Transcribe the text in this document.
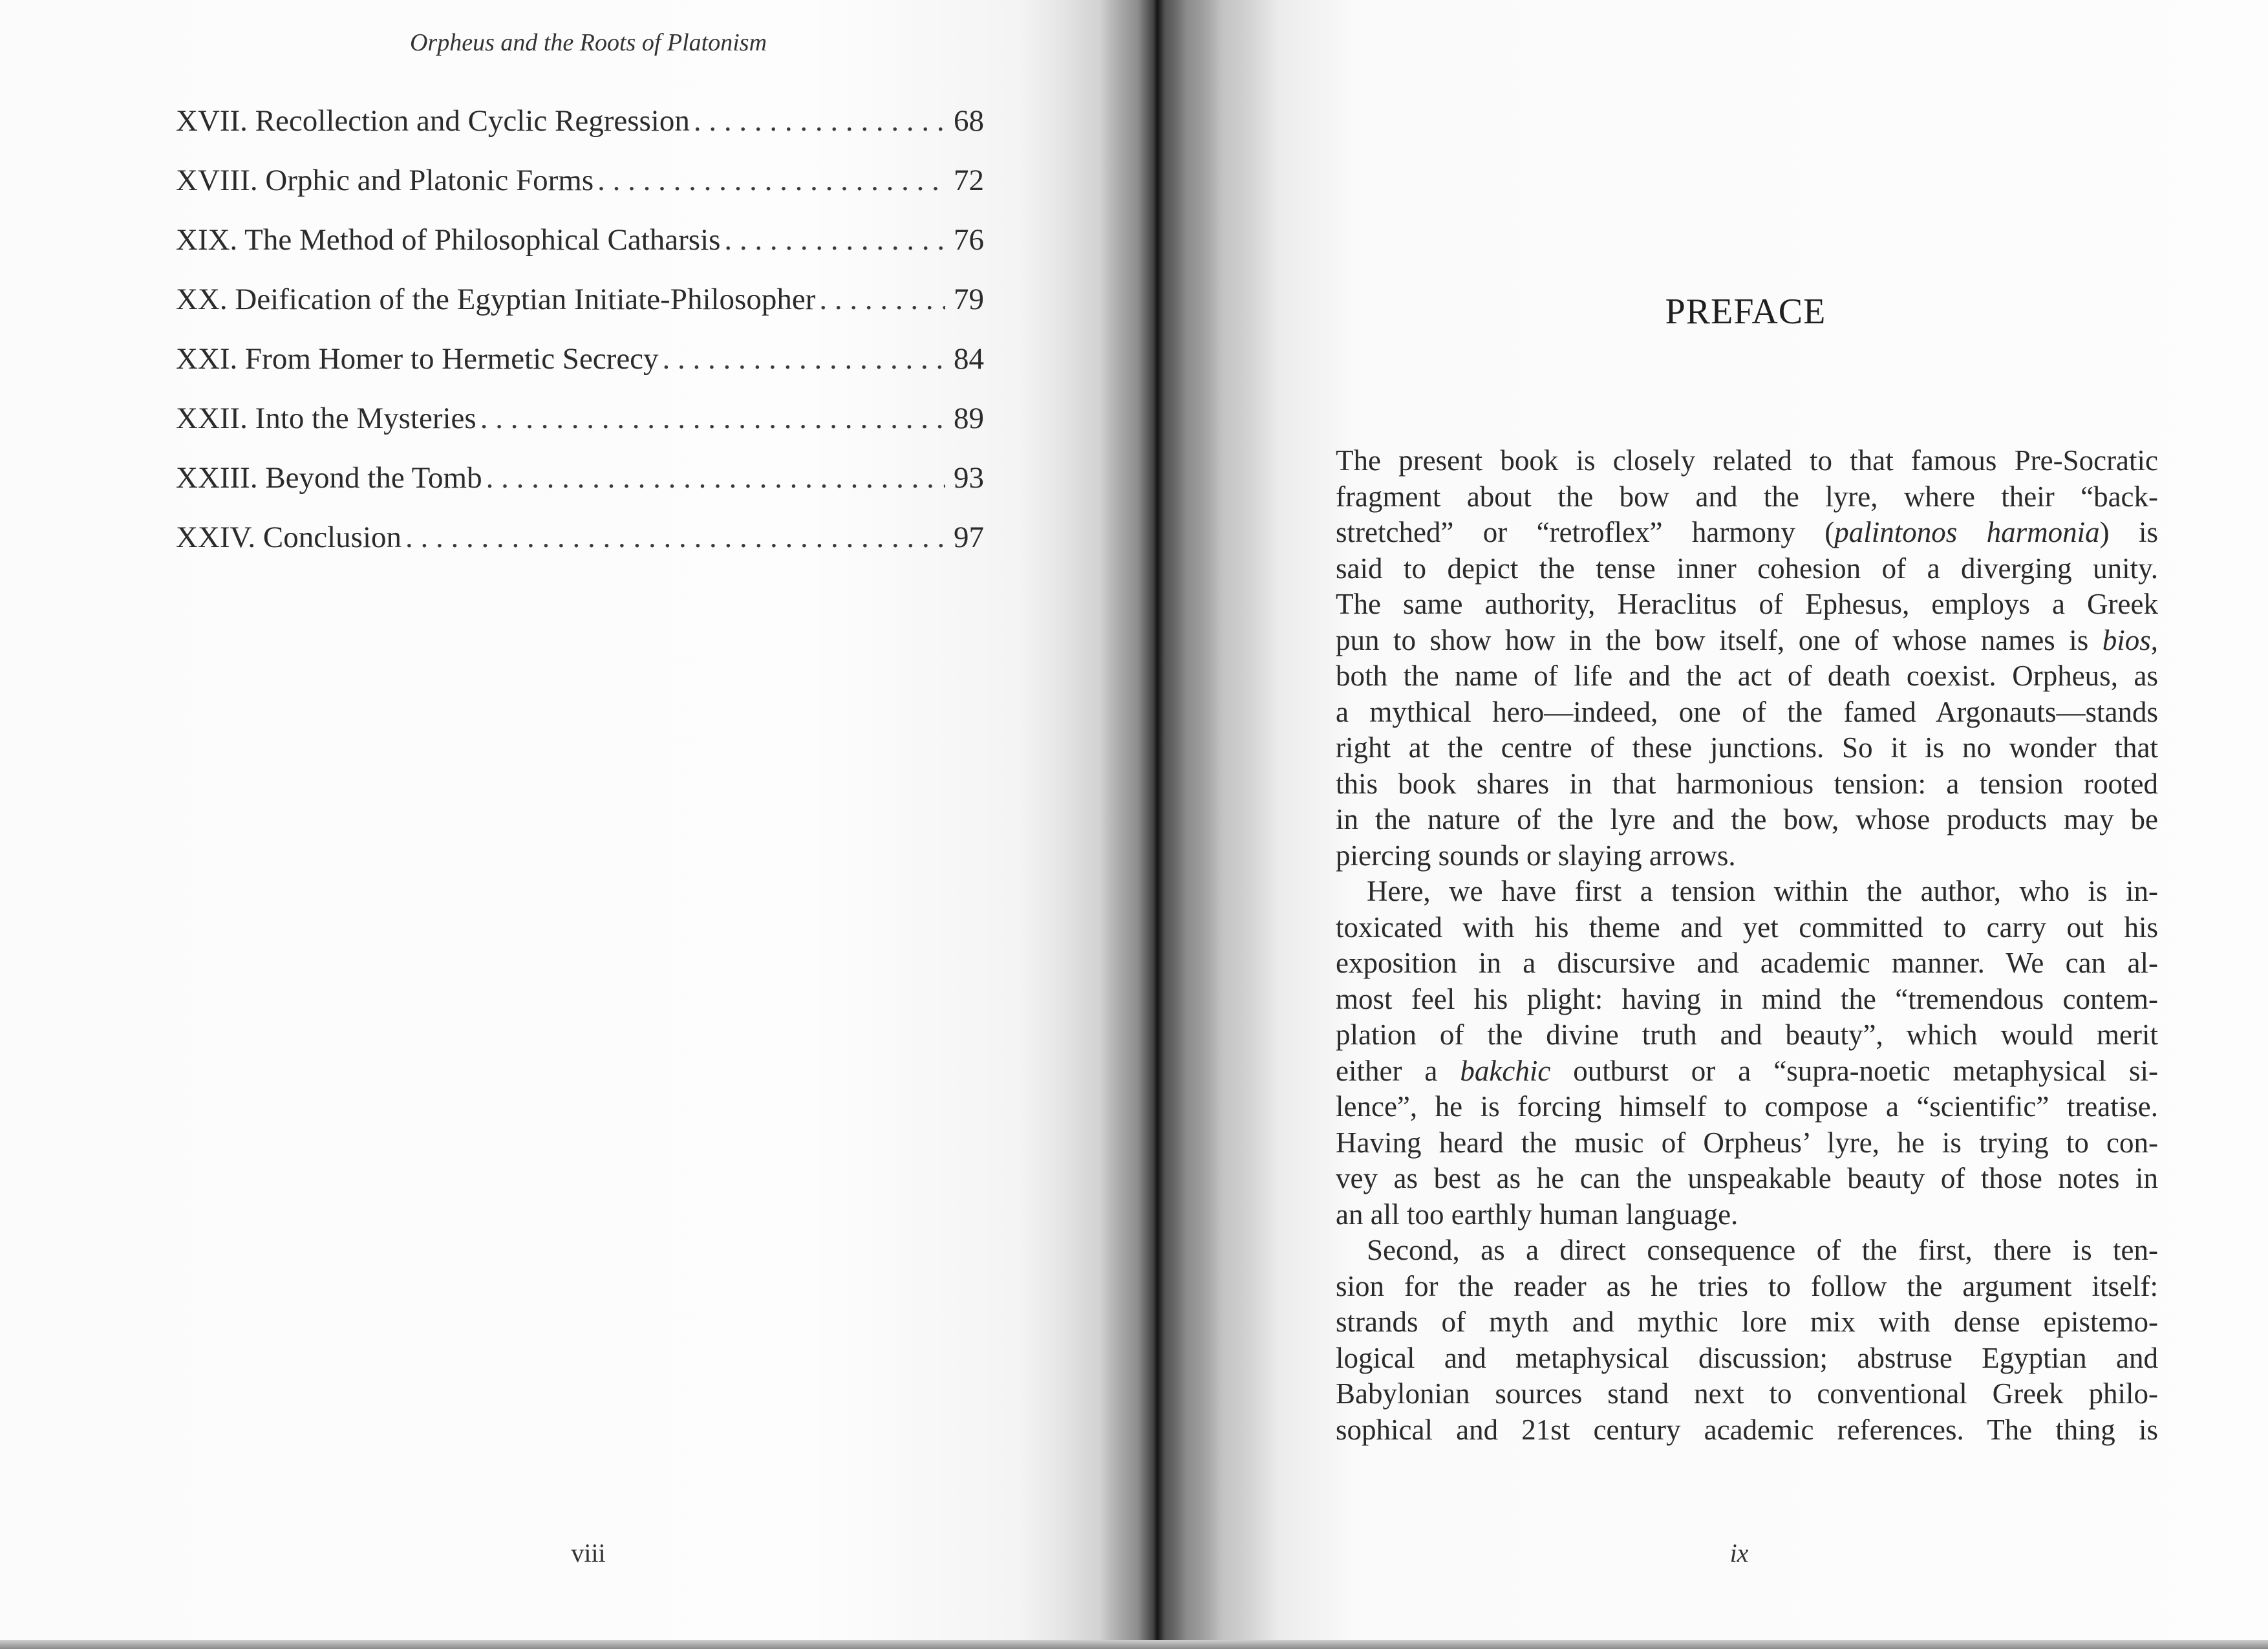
Orpheus and the Roots of Platonism
XVII. Recollection and Cyclic Regression . . .	68
XVIII. Orphic and Platonic Forms . . .	72
XIX. The Method of Philosophical Catharsis . . .	76
XX. Deification of the Egyptian Initiate-Philosopher . . .	79
XXI. From Homer to Hermetic Secrecy . . .	84
XXII. Into the Mysteries . . .	89
XXIII. Beyond the Tomb . . .	93
XXIV. Conclusion . . .	97
viii
PREFACE
The present book is closely related to that famous Pre-Socratic
fragment about the bow and the lyre, where their “back-
stretched” or “retroflex” harmony (palintonos harmonia) is
said to depict the tense inner cohesion of a diverging unity.
The same authority, Heraclitus of Ephesus, employs a Greek
pun to show how in the bow itself, one of whose names is bios,
both the name of life and the act of death coexist. Orpheus, as
a mythical hero—indeed, one of the famed Argonauts—stands
right at the centre of these junctions. So it is no wonder that
this book shares in that harmonious tension: a tension rooted
in the nature of the lyre and the bow, whose products may be
piercing sounds or slaying arrows.
Here, we have first a tension within the author, who is in-
toxicated with his theme and yet committed to carry out his
exposition in a discursive and academic manner. We can al-
most feel his plight: having in mind the “tremendous contem-
plation of the divine truth and beauty”, which would merit
either a bakchic outburst or a “supra-noetic metaphysical si-
lence”, he is forcing himself to compose a “scientific” treatise.
Having heard the music of Orpheus’ lyre, he is trying to con-
vey as best as he can the unspeakable beauty of those notes in
an all too earthly human language.
Second, as a direct consequence of the first, there is ten-
sion for the reader as he tries to follow the argument itself:
strands of myth and mythic lore mix with dense epistemo-
logical and metaphysical discussion; abstruse Egyptian and
Babylonian sources stand next to conventional Greek philo-
sophical and 21st century academic references. The thing is
ix
